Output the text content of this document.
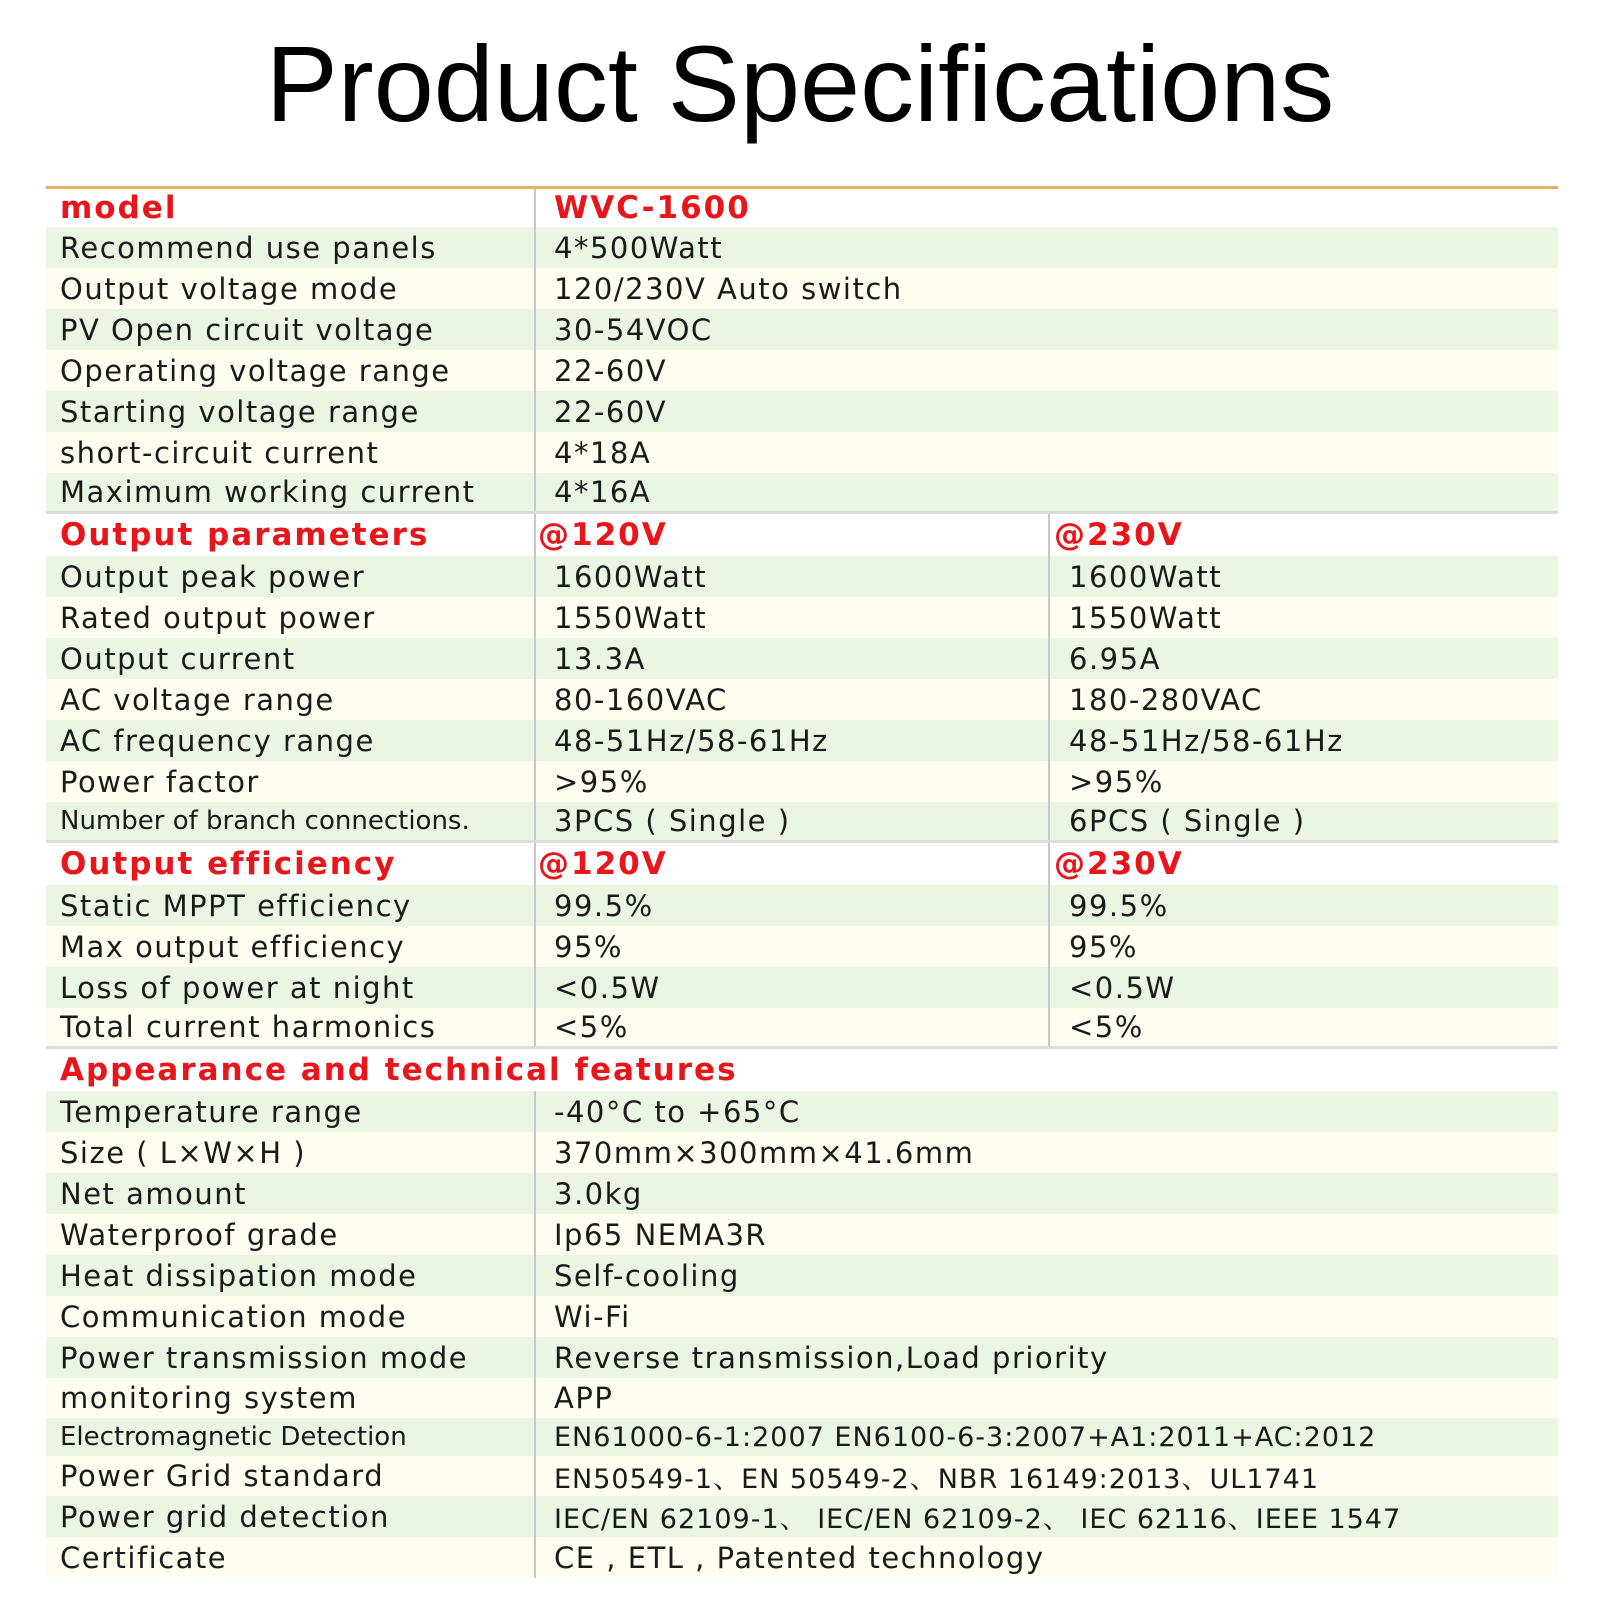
Product Specifications
model	WVC-1600
Recommend use panels	4*500Watt
Output voltage mode	120/230V Auto switch
PV Open circuit voltage	30-54VOC
Operating voltage range	22-60V
Starting voltage range	22-60V
short-circuit current	4*18A
Maximum working current	4*16A
Output parameters	@120V	@230V
Output peak power	1600Watt	1600Watt
Rated output power	1550Watt	1550Watt
Output current	13.3A	6.95A
AC voltage range	80-160VAC	180-280VAC
AC frequency range	48-51Hz/58-61Hz	48-51Hz/58-61Hz
Power factor	>95%	>95%
Number of branch connections.	3PCS ( Single )	6PCS ( Single )
Output efficiency	@120V	@230V
Static MPPT efficiency	99.5%	99.5%
Max output efficiency	95%	95%
Loss of power at night	<0.5W	<0.5W
Total current harmonics	<5%	<5%
Appearance and technical features
Temperature range	-40°C to +65°C
Size ( L×W×H )	370mm×300mm×41.6mm
Net amount	3.0kg
Waterproof grade	Ip65 NEMA3R
Heat dissipation mode	Self-cooling
Communication mode	Wi-Fi
Power transmission mode	Reverse transmission,Load priority
monitoring system	APP
Electromagnetic Detection	EN61000-6-1:2007 EN6100-6-3:2007+A1:2011+AC:2012
Power Grid standard	EN50549-1、EN 50549-2、NBR 16149:2013、UL1741
Power grid detection	IEC/EN 62109-1、 IEC/EN 62109-2、 IEC 62116、IEEE 1547
Certificate	CE , ETL , Patented technology
